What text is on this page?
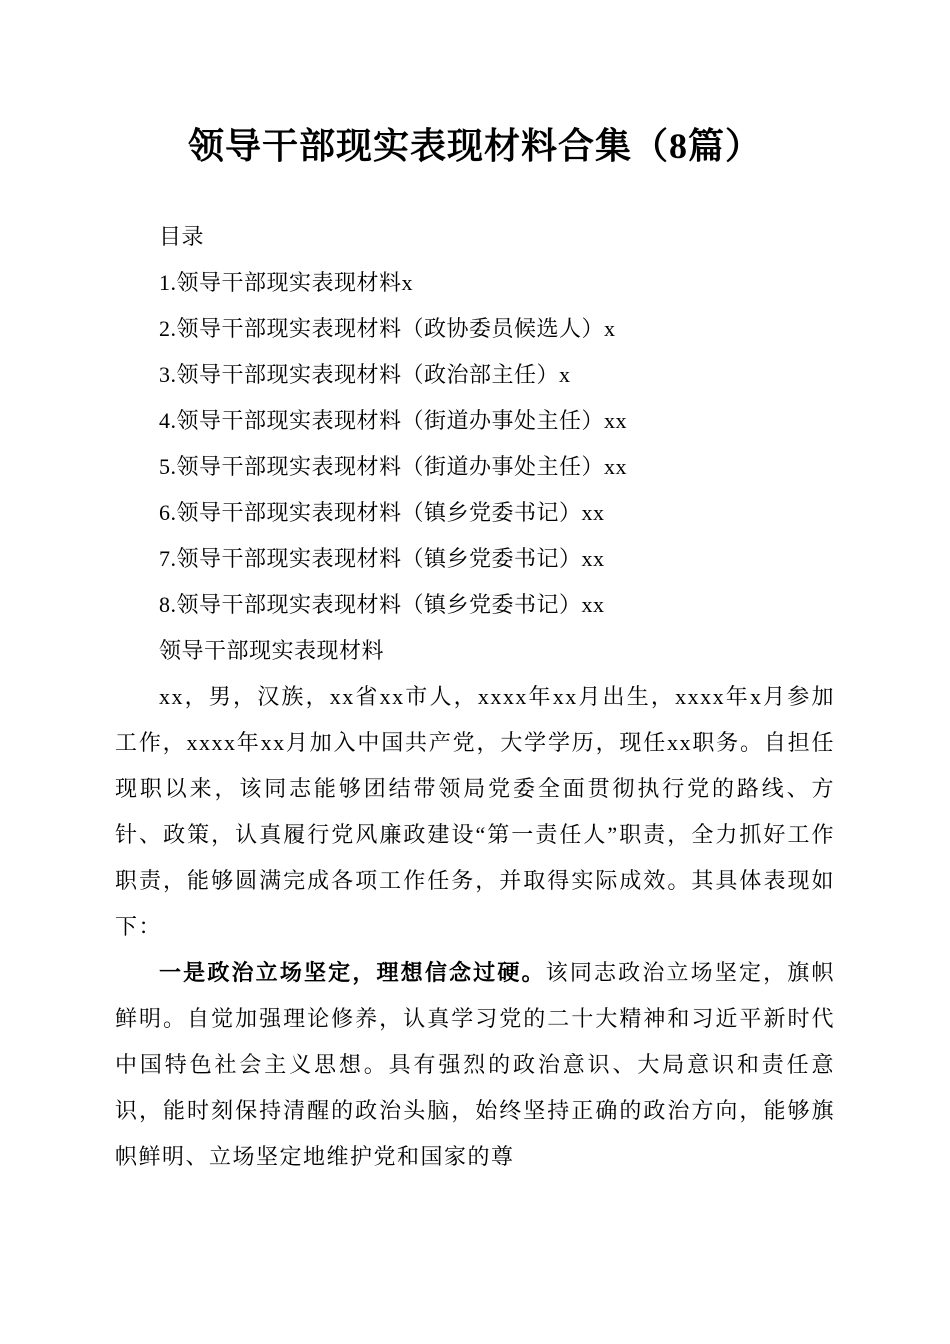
领导干部现实表现材料合集（8篇）
目录
1.领导干部现实表现材料x
2.领导干部现实表现材料（政协委员候选人）x
3.领导干部现实表现材料（政治部主任）x
4.领导干部现实表现材料（街道办事处主任）xx
5.领导干部现实表现材料（街道办事处主任）xx
6.领导干部现实表现材料（镇乡党委书记）xx
7.领导干部现实表现材料（镇乡党委书记）xx
8.领导干部现实表现材料（镇乡党委书记）xx
领导干部现实表现材料

xx，男，汉族，xx省xx市人，xxxx年xx月出生，xxxx年x月参加工作，xxxx年xx月加入中国共产党，大学学历，现任xx职务。自担任现职以来，该同志能够团结带领局党委全面贯彻执行党的路线、方针、政策，认真履行党风廉政建设“第一责任人”职责，全力抓好工作职责，能够圆满完成各项工作任务，并取得实际成效。其具体表现如下：

一是政治立场坚定，理想信念过硬。该同志政治立场坚定，旗帜鲜明。自觉加强理论修养，认真学习党的二十大精神和习近平新时代中国特色社会主义思想。具有强烈的政治意识、大局意识和责任意识，能时刻保持清醒的政治头脑，始终坚持正确的政治方向，能够旗帜鲜明、立场坚定地维护党和国家的尊
